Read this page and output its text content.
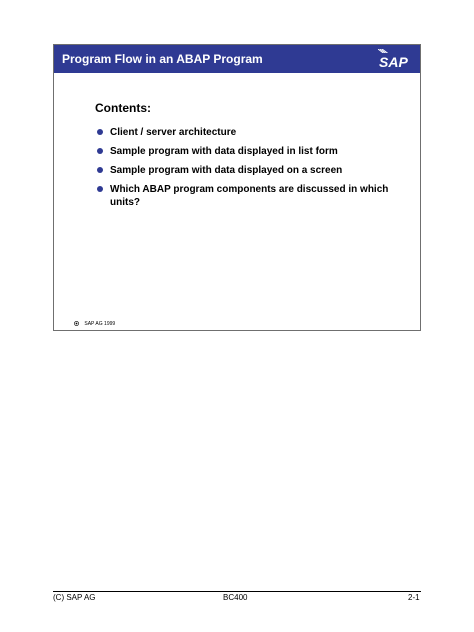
Program Flow in an ABAP Program	SAP
Contents:
Client / server architecture
Sample program with data displayed in list form
Sample program with data displayed on a screen
Which ABAP program components are discussed in which units?
SAP AG 1999
(C) SAP AG	BC400	2-1
